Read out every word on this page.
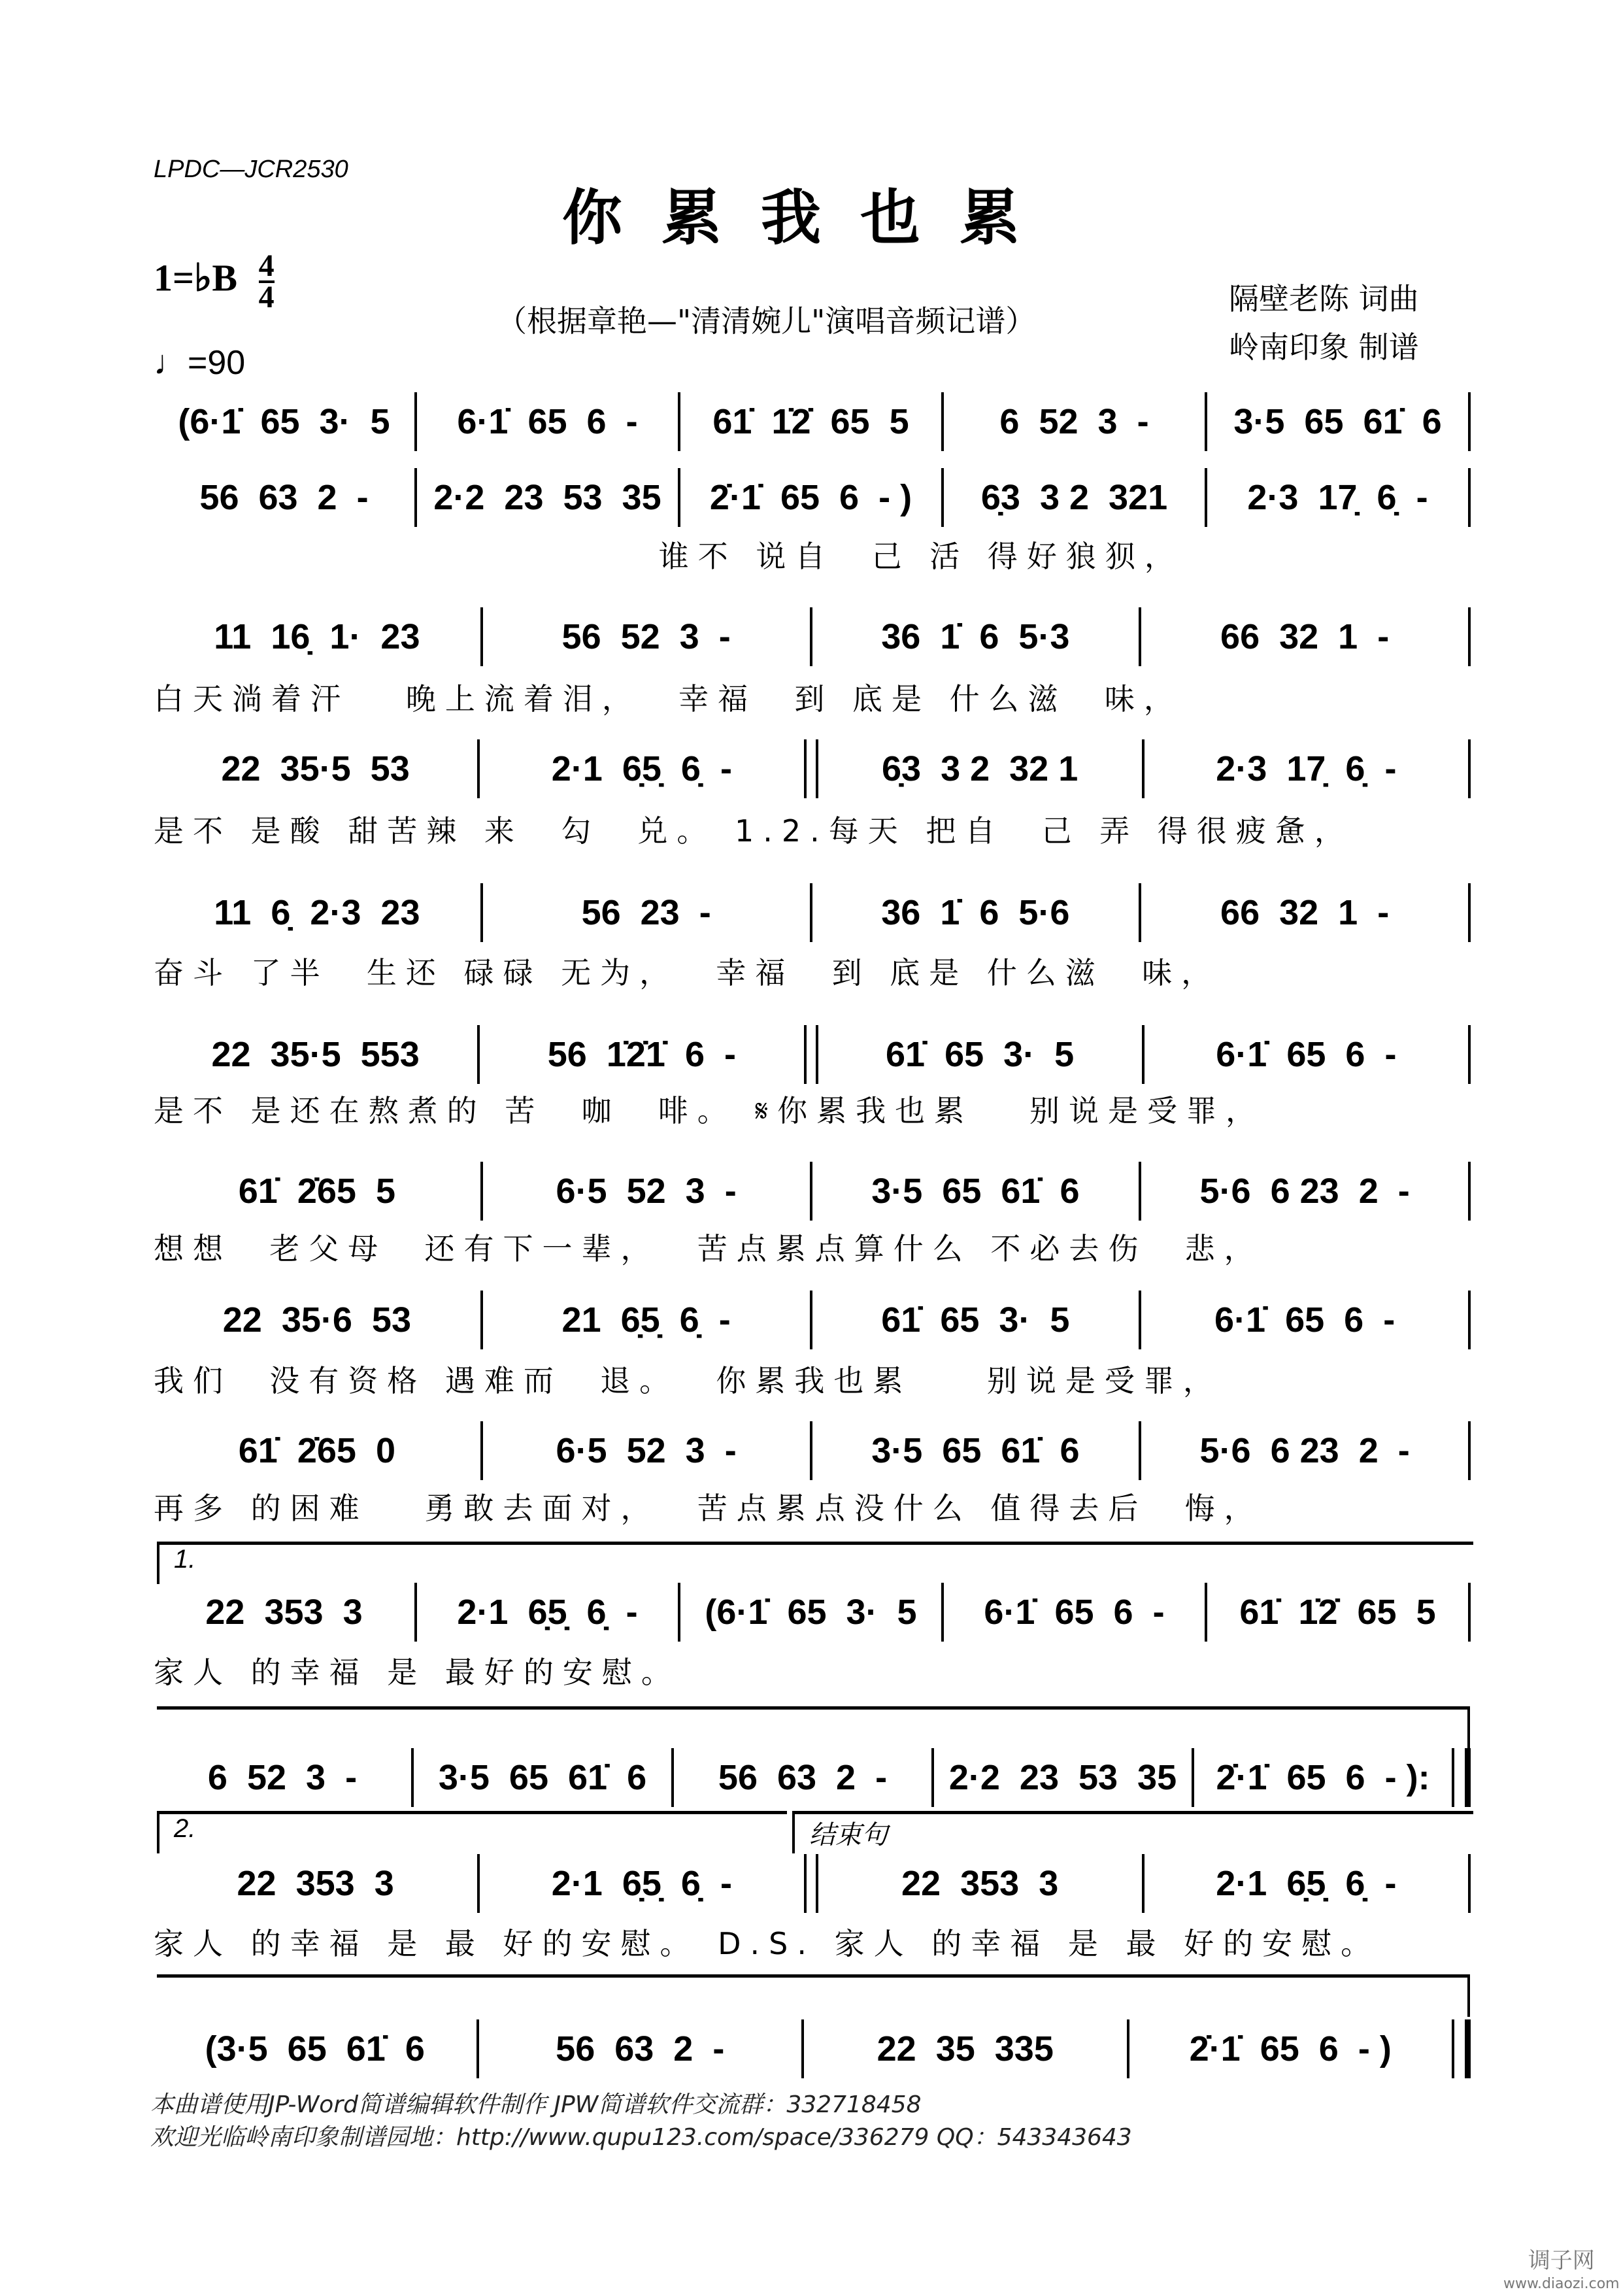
LPDC—JCR2530
你累我也累
1=♭B $\frac{4}{4}$
♩=90
（根据章艳—"清清婉儿"演唱音频记谱）
隔壁老陈 词曲
岭南印象 制谱
(6·1̇  65  3·  5	6·1̇  65  6  -	61̇  1̇2̇  65  5	6  52  3  -	3·5  65  61̇  6
56  63  2  -	2·2  23  53  35	2̇·1̇  65  6  - )	6̣3  3 2  321	2·3  17̣  6̣  -
谁不 说自  己 活 得好狼狈，
11  16̣  1·  23	56  52  3  -	36  1̇  6  5·3	66  32  1  -
白天淌着汗   晚上流着泪，  幸福  到 底是 什么滋  味，
22  35·5  53	2·1  6̣5̣  6̣  -	6̣3  3 2  32 1	2·3  17̣  6̣  -
是不 是酸 甜苦辣 来  勾  兑。 1.2.每天 把自  己 弄 得很疲惫，
11  6̣  2·3  23	56  23  -	36  1̇  6  5·6	66  32  1  -
奋斗 了半  生还 碌碌 无为，  幸福  到 底是 什么滋  味，
22  35·5  553	56  1̇2̇1̇  6  -	61̇  65  3·  5	6·1̇  65  6  -
是不 是还在熬煮的 苦  咖  啡。 𝄋你累我也累   别说是受罪，
61̇  2̇65  5	6·5  52  3  -	3·5  65  61̇  6	5·6  6 23  2  -
想想  老父母  还有下一辈，  苦点累点算什么 不必去伤  悲，
22  35·6  53	21  6̣5̣  6̣  -	61̇  65  3·  5	6·1̇  65  6  -
我们  没有资格 遇难而  退。  你累我也累    别说是受罪，
61̇  2̇65  0	6·5  52  3  -	3·5  65  61̇  6	5·6  6 23  2  -
再多 的困难   勇敢去面对，  苦点累点没什么 值得去后  悔，
22  353  3	2·1  6̣5̣  6̣  -	(6·1̇  65  3·  5	6·1̇  65  6  -	61̇  1̇2̇  65  5
家人 的幸福 是 最好的安慰。
6  52  3  -	3·5  65  61̇  6	56  63  2  -	2·2  23  53  35	2̇·1̇  65  6  - ):
22  353  3	2·1  6̣5̣  6̣  -	22  353  3	2·1  6̣5̣  6̣  -
家人 的幸福 是 最 好的安慰。 D.S. 家人 的幸福 是 最 好的安慰。
(3·5  65  61̇  6	56  63  2  -	22  35  335	2̇·1̇  65  6  - )
1.
2.	结束句
本曲谱使用JP-Word简谱编辑软件制作 JPW简谱软件交流群：332718458
欢迎光临岭南印象制谱园地：http://www.qupu123.com/space/336279 QQ：543343643
调子网
www.diaozi.com
